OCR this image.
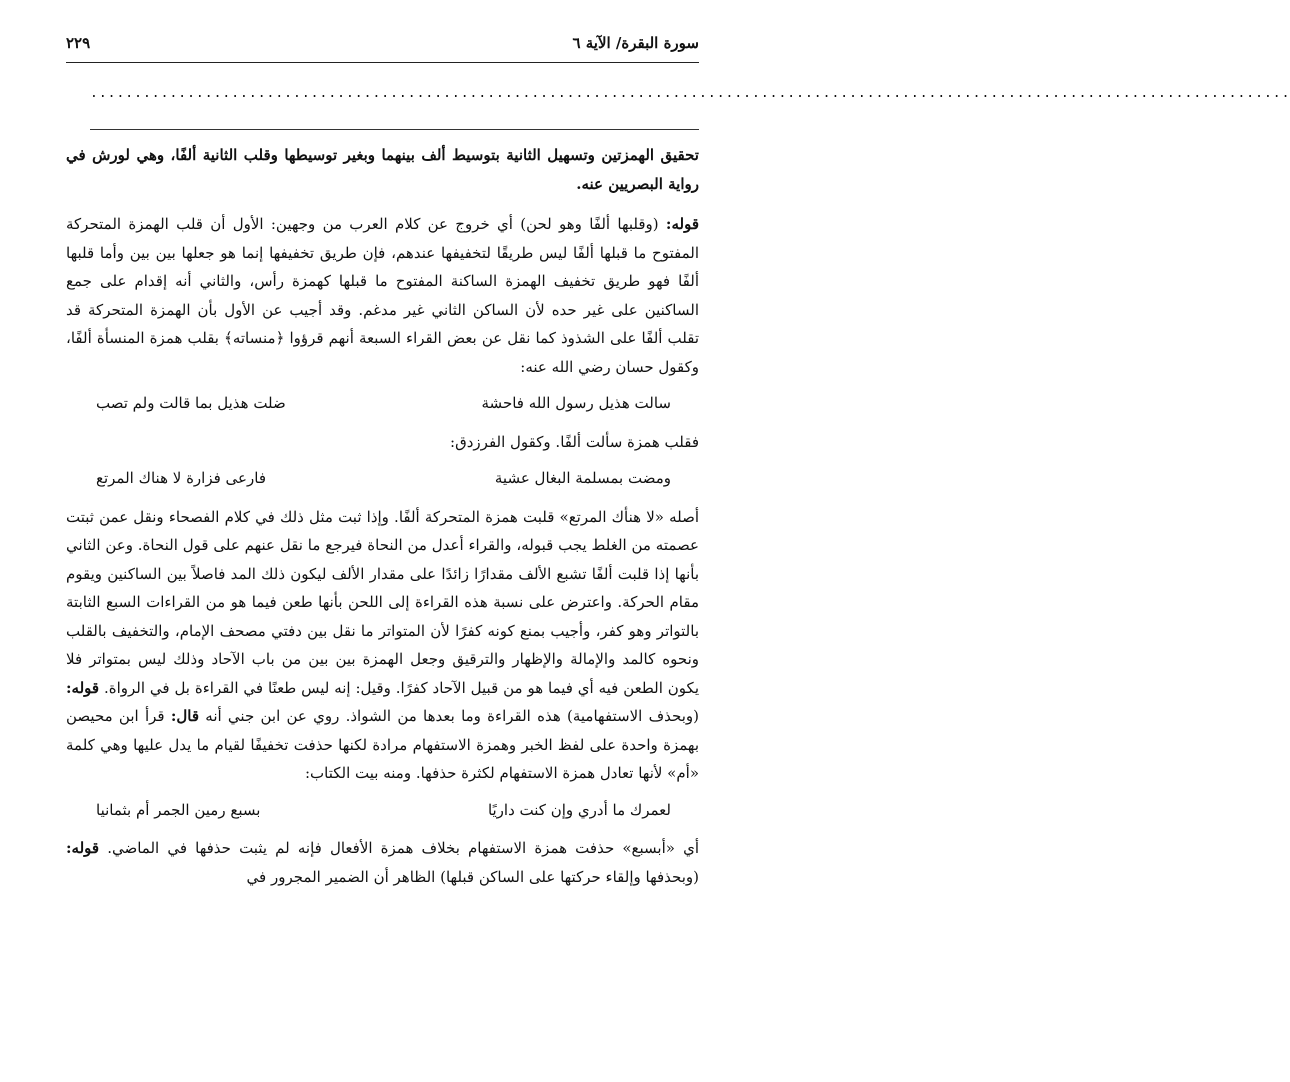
سورة البقرة/ الآية ٦
٢٢٩
........................................................................................................................................

تحقيق الهمزتين وتسهيل الثانية بتوسيط ألف بينهما وبغير توسيطها وقلب الثانية ألفًا، وهي لورش في رواية البصريين عنه.

قوله: (وقلبها ألفًا وهو لحن) أي خروج عن كلام العرب من وجهين: الأول أن قلب الهمزة المتحركة المفتوح ما قبلها ألفًا ليس طريقًا لتخفيفها عندهم، فإن طريق تخفيفها إنما هو جعلها بين بين وأما قلبها ألفًا فهو طريق تخفيف الهمزة الساكنة المفتوح ما قبلها كهمزة رأس، والثاني أنه إقدام على جمع الساكنين على غير حده لأن الساكن الثاني غير مدغم. وقد أجيب عن الأول بأن الهمزة المتحركة قد تقلب ألفًا على الشذوذ كما نقل عن بعض القراء السبعة أنهم قرؤوا ﴿منساته﴾ بقلب همزة المنسأة ألفًا، وكقول حسان رضي الله عنه:

سالت هذيل رسول الله فاحشة
ضلت هذيل بما قالت ولم تصب

فقلب همزة سألت ألفًا. وكقول الفرزدق:

ومضت بمسلمة البغال عشية
فارعى فزارة لا هناك المرتع

أصله «لا هنأك المرتع» قلبت همزة المتحركة ألفًا. وإذا ثبت مثل ذلك في كلام الفصحاء ونقل عمن ثبتت عصمته من الغلط يجب قبوله، والقراء أعدل من النحاة فيرجع ما نقل عنهم على قول النحاة. وعن الثاني بأنها إذا قلبت ألفًا تشبع الألف مقدارًا زائدًا على مقدار الألف ليكون ذلك المد فاصلاً بين الساكنين ويقوم مقام الحركة. واعترض على نسبة هذه القراءة إلى اللحن بأنها طعن فيما هو من القراءات السبع الثابتة بالتواتر وهو كفر، وأجيب بمنع كونه كفرًا لأن المتواتر ما نقل بين دفتي مصحف الإمام، والتخفيف بالقلب ونحوه كالمد والإمالة والإظهار والترقيق وجعل الهمزة بين بين من باب الآحاد وذلك ليس بمتواتر فلا يكون الطعن فيه أي فيما هو من قبيل الآحاد كفرًا. وقيل: إنه ليس طعنًا في القراءة بل في الرواة. قوله: (وبحذف الاستفهامية) هذه القراءة وما بعدها من الشواذ. روي عن ابن جني أنه قال: قرأ ابن محيصن بهمزة واحدة على لفظ الخبر وهمزة الاستفهام مرادة لكنها حذفت تخفيفًا لقيام ما يدل عليها وهي كلمة «أم» لأنها تعادل همزة الاستفهام لكثرة حذفها. ومنه بيت الكتاب:

لعمرك ما أدري وإن كنت داريًا
بسبع رمين الجمر أم بثمانيا

أي «أبسبع» حذفت همزة الاستفهام بخلاف همزة الأفعال فإنه لم يثبت حذفها في الماضي. قوله: (وبحذفها وإلقاء حركتها على الساكن قبلها) الظاهر أن الضمير المجرور في
